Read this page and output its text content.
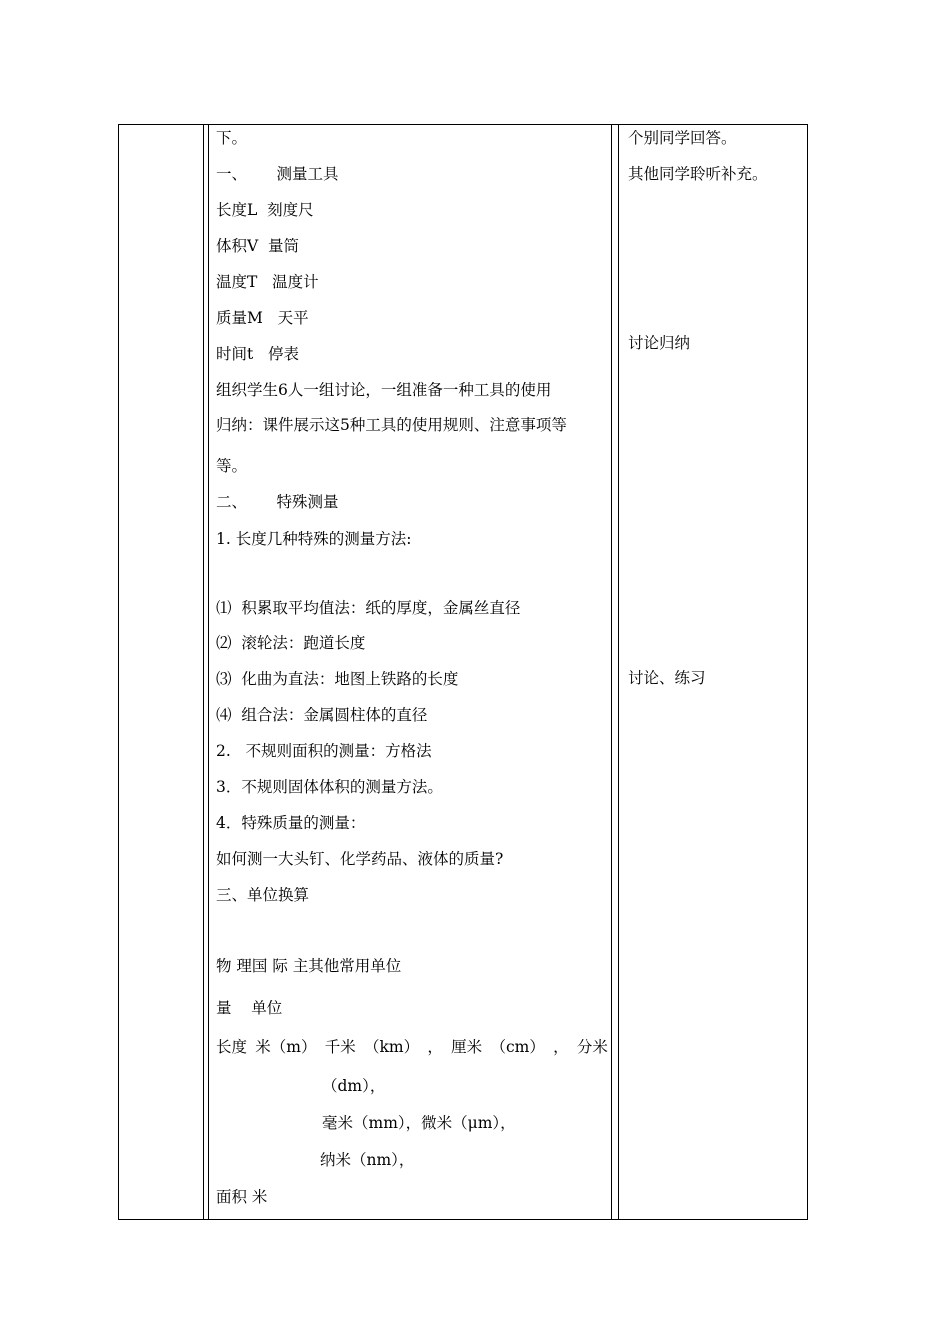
下。
一、      测量工具
长度L  刻度尺
体积V  量筒
温度T   温度计
质量M   天平
时间t   停表
组织学生6人一组讨论，一组准备一种工具的使用
归纳：课件展示这5种工具的使用规则、注意事项等
等。
二、      特殊测量
1. 长度几种特殊的测量方法:
⑴  积累取平均值法：纸的厚度，金属丝直径
⑵  滚轮法：跑道长度
⑶  化曲为直法：地图上铁路的长度
⑷  组合法：金属圆柱体的直径
2.   不规则面积的测量：方格法
3．不规则固体体积的测量方法。
4．特殊质量的测量：
如何测一大头钉、化学药品、液体的质量?
三、单位换算
物 理国 际 主其他常用单位
量    单位
长度 米（m） 千米 （km） ， 厘米 （cm） ， 分米
（dm），
毫米（mm），微米（μm），
纳米（nm），
面积 米
个别同学回答。
其他同学聆听补充。
讨论归纳
讨论、练习
